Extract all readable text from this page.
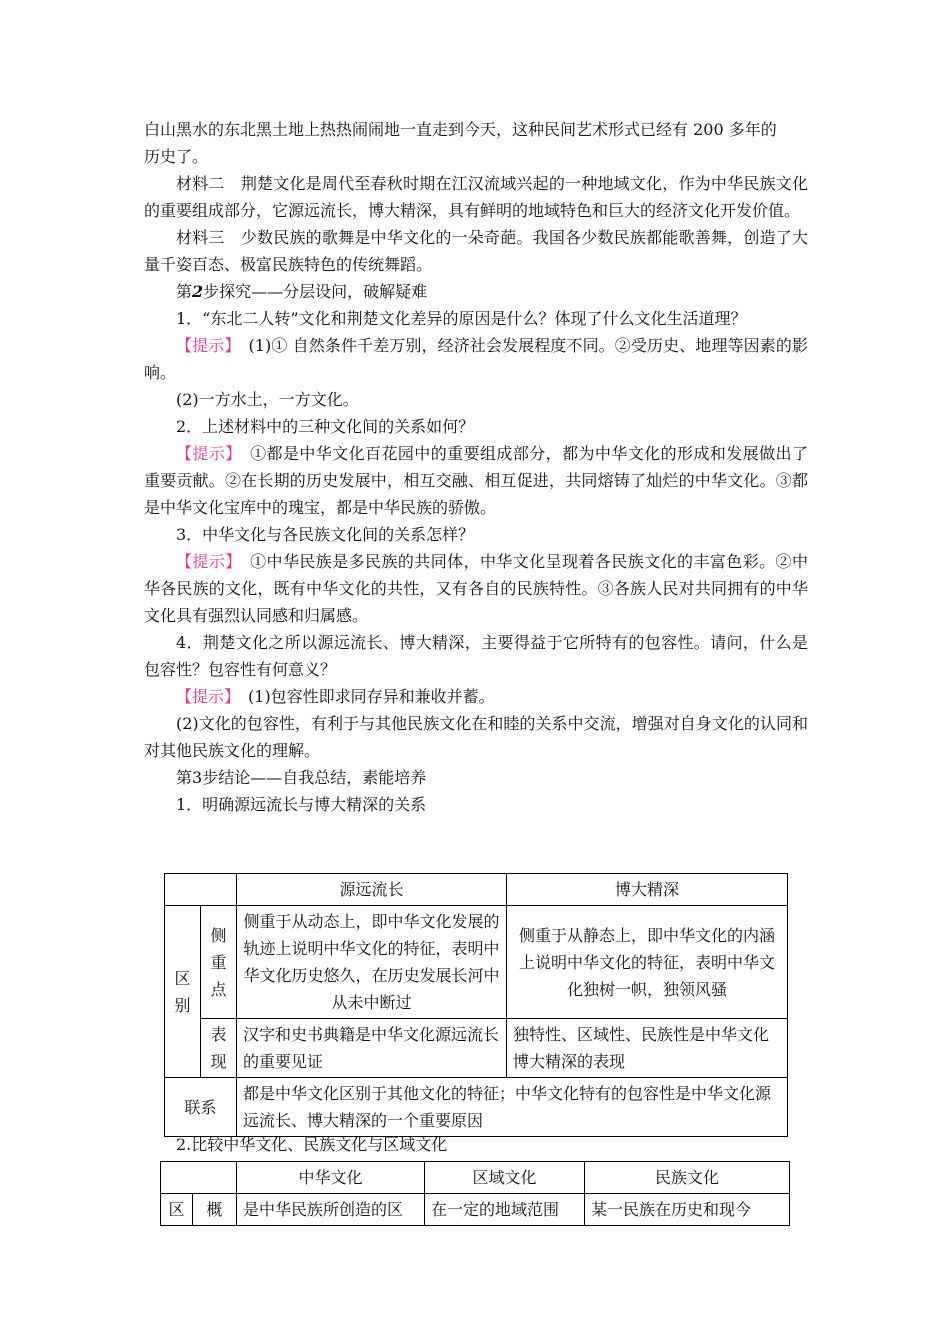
白山黑水的东北黑土地上热热闹闹地一直走到今天，这种民间艺术形式已经有 200 多年的

历史了。

材料二　荆楚文化是周代至春秋时期在江汉流域兴起的一种地域文化，作为中华民族文化的重要组成部分，它源远流长，博大精深，具有鲜明的地域特色和巨大的经济文化开发价值。

材料三　少数民族的歌舞是中华文化的一朵奇葩。我国各少数民族都能歌善舞，创造了大量千姿百态、极富民族特色的传统舞蹈。

第2步探究——分层设问，破解疑难

1．“东北二人转”文化和荆楚文化差异的原因是什么？体现了什么文化生活道理？

【提示】　(1)① 自然条件千差万别，经济社会发展程度不同。②受历史、地理等因素的影响。

(2)一方水土，一方文化。

2．上述材料中的三种文化间的关系如何？

【提示】　①都是中华文化百花园中的重要组成部分，都为中华文化的形成和发展做出了重要贡献。②在长期的历史发展中，相互交融、相互促进，共同熔铸了灿烂的中华文化。③都是中华文化宝库中的瑰宝，都是中华民族的骄傲。

3．中华文化与各民族文化间的关系怎样？

【提示】　①中华民族是多民族的共同体，中华文化呈现着各民族文化的丰富色彩。②中华各民族的文化，既有中华文化的共性，又有各自的民族特性。③各族人民对共同拥有的中华文化具有强烈认同感和归属感。

4．荆楚文化之所以源远流长、博大精深，主要得益于它所特有的包容性。请问，什么是包容性？包容性有何意义？

【提示】　(1)包容性即求同存异和兼收并蓄。

(2)文化的包容性，有利于与其他民族文化在和睦的关系中交流，增强对自身文化的认同和对其他民族文化的理解。

第3步结论——自我总结，素能培养

1．明确源远流长与博大精深的关系

		源远流长	博大精深
区别	侧重点	侧重于从动态上，即中华文化发展的轨迹上说明中华文化的特征，表明中华文化历史悠久，在历史发展长河中从未中断过	侧重于从静态上，即中华文化的内涵上说明中华文化的特征，表明中华文化独树一帜，独领风骚
	表现	汉字和史书典籍是中华文化源远流长的重要见证	独特性、区域性、民族性是中华文化博大精深的表现
联系		都是中华文化区别于其他文化的特征；中华文化特有的包容性是中华文化源远流长、博大精深的一个重要原因	

2.比较中华文化、民族文化与区域文化

		中华文化	区域文化	民族文化
区	概	是中华民族所创造的区	在一定的地域范围	某一民族在历史和现今
